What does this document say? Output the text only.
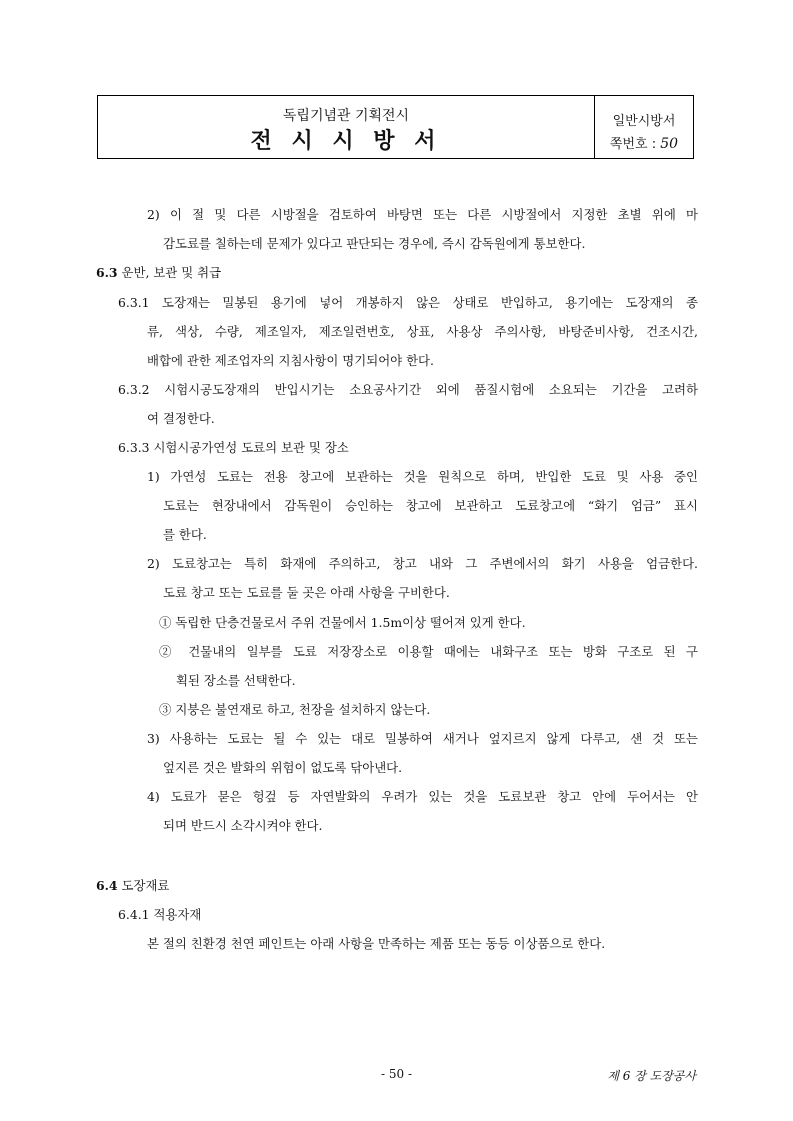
독립기념관 기획전시
전 시 시 방 서
일반시방서
쪽번호 : 50
2) 이 절 및 다른 시방절을 검토하여 바탕면 또는 다른 시방절에서 지정한 초별 위에 마
감도료를 칠하는데 문제가 있다고 판단되는 경우에, 즉시 감독원에게 통보한다.
6.3 운반, 보관 및 취급
6.3.1 도장재는 밀봉된 용기에 넣어 개봉하지 않은 상태로 반입하고, 용기에는 도장재의 종
류, 색상, 수량, 제조일자, 제조일련번호, 상표, 사용상 주의사항, 바탕준비사항, 건조시간,
배합에 관한 제조업자의 지침사항이 명기되어야 한다.
6.3.2 시험시공도장재의 반입시기는 소요공사기간 외에 품질시험에 소요되는 기간을 고려하
여 결정한다.
6.3.3 시험시공가연성 도료의 보관 및 장소
1) 가연성 도료는 전용 창고에 보관하는 것을 원칙으로 하며, 반입한 도료 및 사용 중인
도료는 현장내에서 감독원이 승인하는 창고에 보관하고 도료창고에 “화기 엄금” 표시
를 한다.
2) 도료창고는 특히 화재에 주의하고, 창고 내와 그 주변에서의 화기 사용을 엄금한다.
도료 창고 또는 도료를 둘 곳은 아래 사항을 구비한다.
① 독립한 단층건물로서 주위 건물에서 1.5m이상 떨어져 있게 한다.
② 건물내의 일부를 도료 저장장소로 이용할 때에는 내화구조 또는 방화 구조로 된 구
획된 장소를 선택한다.
③ 지붕은 불연재로 하고, 천장을 설치하지 않는다.
3) 사용하는 도료는 될 수 있는 대로 밀봉하여 새거나 엎지르지 않게 다루고, 샌 것 또는
엎지른 것은 발화의 위험이 없도록 닦아낸다.
4) 도료가 묻은 헝겊 등 자연발화의 우려가 있는 것을 도료보관 창고 안에 두어서는 안
되며 반드시 소각시켜야 한다.
6.4 도장재료
6.4.1 적용자재
본 절의 친환경 천연 페인트는 아래 사항을 만족하는 제품 또는 동등 이상품으로 한다.
- 50 -	제 6 장 도장공사
